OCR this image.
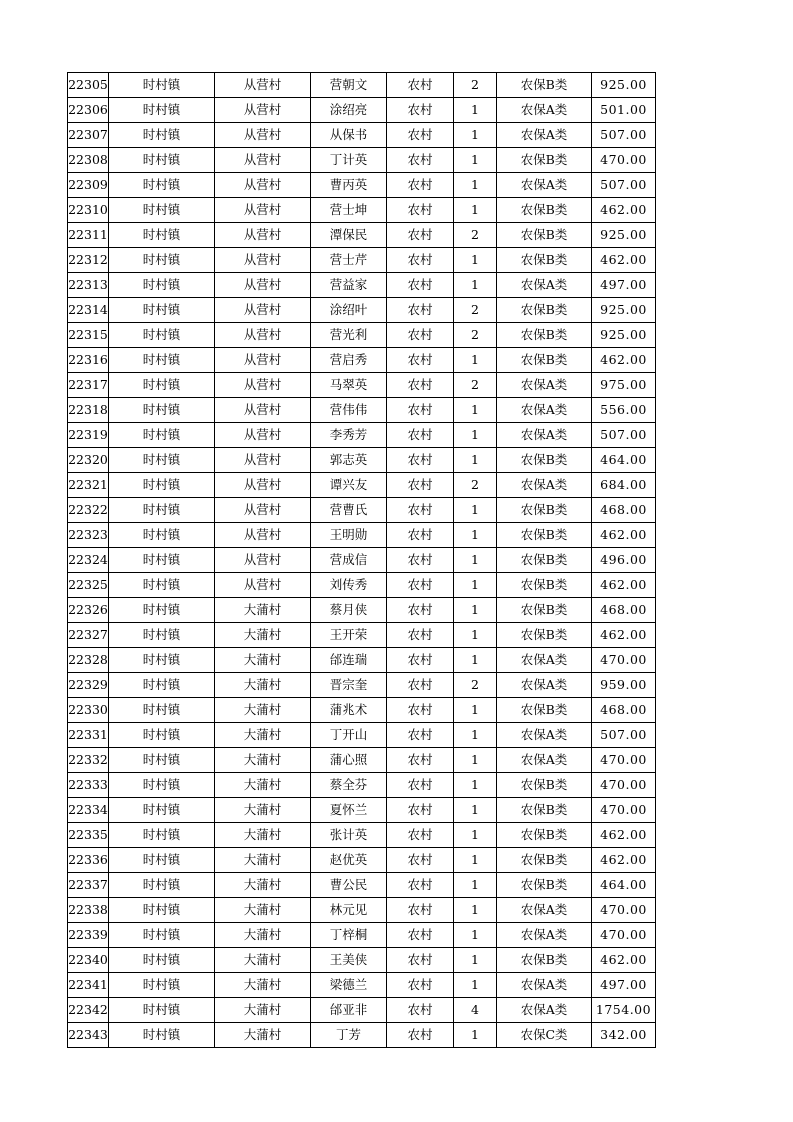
22305	时村镇	从营村	营朝文	农村	2	农保B类	925.00
22306	时村镇	从营村	涂绍亮	农村	1	农保A类	501.00
22307	时村镇	从营村	从保书	农村	1	农保A类	507.00
22308	时村镇	从营村	丁计英	农村	1	农保B类	470.00
22309	时村镇	从营村	曹丙英	农村	1	农保A类	507.00
22310	时村镇	从营村	营士坤	农村	1	农保B类	462.00
22311	时村镇	从营村	潭保民	农村	2	农保B类	925.00
22312	时村镇	从营村	营士芹	农村	1	农保B类	462.00
22313	时村镇	从营村	营益家	农村	1	农保A类	497.00
22314	时村镇	从营村	涂绍叶	农村	2	农保B类	925.00
22315	时村镇	从营村	营光利	农村	2	农保B类	925.00
22316	时村镇	从营村	营启秀	农村	1	农保B类	462.00
22317	时村镇	从营村	马翠英	农村	2	农保A类	975.00
22318	时村镇	从营村	营伟伟	农村	1	农保A类	556.00
22319	时村镇	从营村	李秀芳	农村	1	农保A类	507.00
22320	时村镇	从营村	郭志英	农村	1	农保B类	464.00
22321	时村镇	从营村	谭兴友	农村	2	农保A类	684.00
22322	时村镇	从营村	营曹氏	农村	1	农保B类	468.00
22323	时村镇	从营村	王明勋	农村	1	农保B类	462.00
22324	时村镇	从营村	营成信	农村	1	农保B类	496.00
22325	时村镇	从营村	刘传秀	农村	1	农保B类	462.00
22326	时村镇	大蒲村	蔡月侠	农村	1	农保B类	468.00
22327	时村镇	大蒲村	王开荣	农村	1	农保B类	462.00
22328	时村镇	大蒲村	邰连瑞	农村	1	农保A类	470.00
22329	时村镇	大蒲村	晋宗奎	农村	2	农保A类	959.00
22330	时村镇	大蒲村	蒲兆术	农村	1	农保B类	468.00
22331	时村镇	大蒲村	丁开山	农村	1	农保A类	507.00
22332	时村镇	大蒲村	蒲心照	农村	1	农保A类	470.00
22333	时村镇	大蒲村	蔡全芬	农村	1	农保B类	470.00
22334	时村镇	大蒲村	夏怀兰	农村	1	农保B类	470.00
22335	时村镇	大蒲村	张计英	农村	1	农保B类	462.00
22336	时村镇	大蒲村	赵优英	农村	1	农保B类	462.00
22337	时村镇	大蒲村	曹公民	农村	1	农保B类	464.00
22338	时村镇	大蒲村	林元见	农村	1	农保A类	470.00
22339	时村镇	大蒲村	丁梓桐	农村	1	农保A类	470.00
22340	时村镇	大蒲村	王美侠	农村	1	农保B类	462.00
22341	时村镇	大蒲村	梁德兰	农村	1	农保A类	497.00
22342	时村镇	大蒲村	邰亚非	农村	4	农保A类	1754.00
22343	时村镇	大蒲村	丁芳	农村	1	农保C类	342.00
